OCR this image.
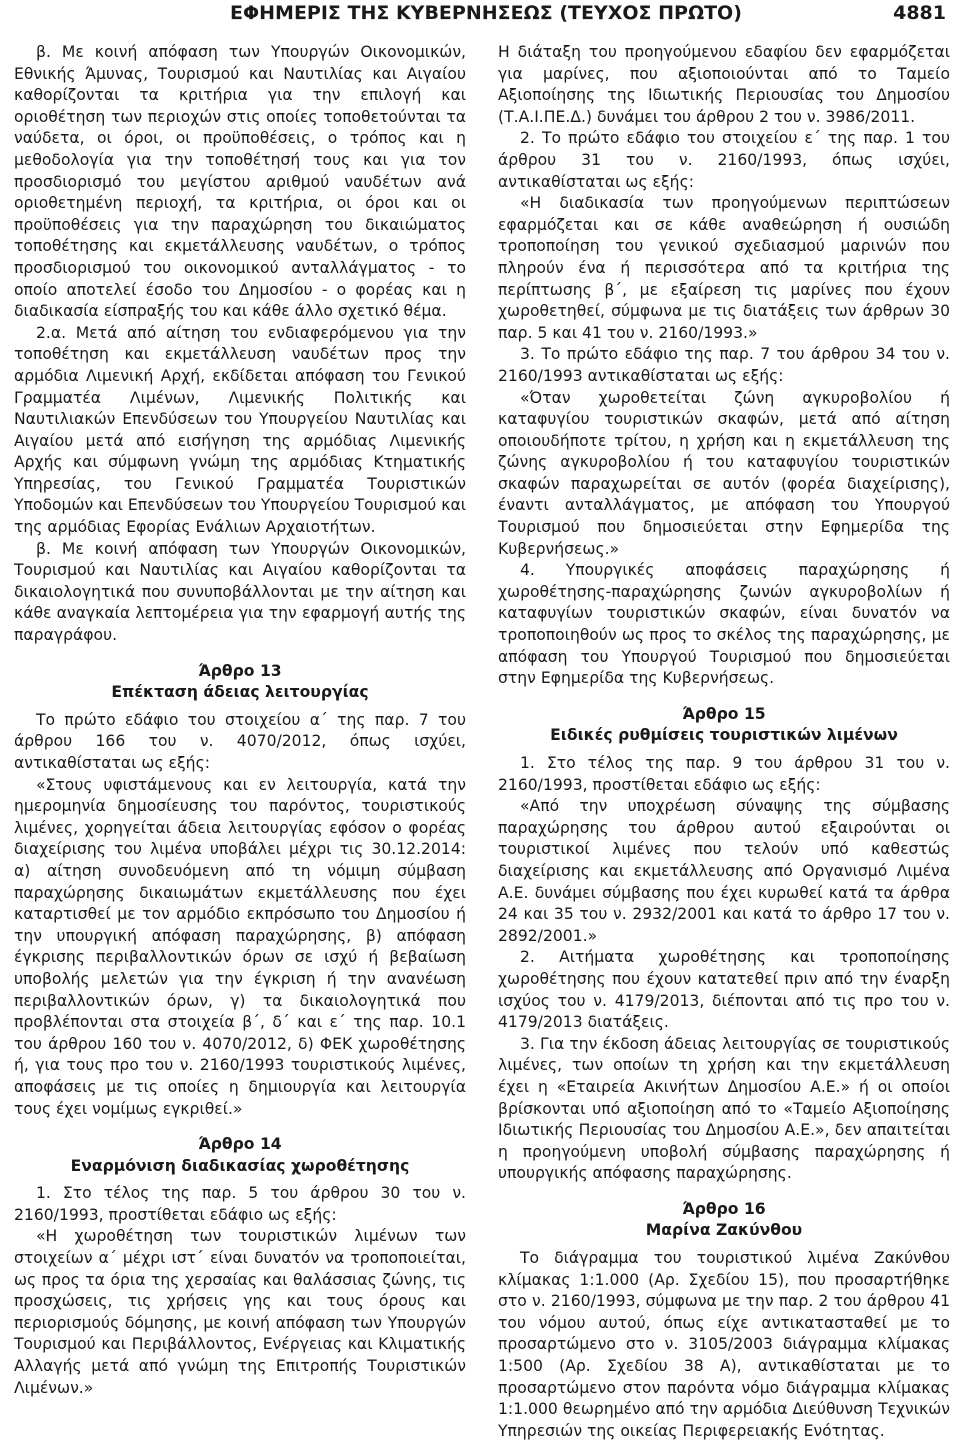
ΕΦΗΜΕΡΙΣ ΤΗΣ ΚΥΒΕΡΝΗΣΕΩΣ (ΤΕΥΧΟΣ ΠΡΩΤΟ)	4881

β. Με κοινή απόφαση των Υπουργών Οικονομικών, Εθνικής Άμυνας, Τουρισμού και Ναυτιλίας και Αιγαίου καθορίζονται τα κριτήρια για την επιλογή και οριοθέτηση των περιοχών στις οποίες τοποθετούνται τα ναύδετα, οι όροι, οι προϋποθέσεις, ο τρόπος και η μεθοδολογία για την τοποθέτησή τους και για τον προσδιορισμό του μεγίστου αριθμού ναυδέτων ανά οριοθετημένη περιοχή, τα κριτήρια, οι όροι και οι προϋποθέσεις για την παραχώρηση του δικαιώματος τοποθέτησης και εκμετάλλευσης ναυδέτων, ο τρόπος προσδιορισμού του οικονομικού ανταλλάγματος - το οποίο αποτελεί έσοδο του Δημοσίου - ο φορέας και η διαδικασία είσπραξής του και κάθε άλλο σχετικό θέμα.

2.α. Μετά από αίτηση του ενδιαφερόμενου για την τοποθέτηση και εκμετάλλευση ναυδέτων προς την αρμόδια Λιμενική Αρχή, εκδίδεται απόφαση του Γενικού Γραμματέα Λιμένων, Λιμενικής Πολιτικής και Ναυτιλιακών Επενδύσεων του Υπουργείου Ναυτιλίας και Αιγαίου μετά από εισήγηση της αρμόδιας Λιμενικής Αρχής και σύμφωνη γνώμη της αρμόδιας Κτηματικής Υπηρεσίας, του Γενικού Γραμματέα Τουριστικών Υποδομών και Επενδύσεων του Υπουργείου Τουρισμού και της αρμόδιας Εφορίας Ενάλιων Αρχαιοτήτων.

β. Με κοινή απόφαση των Υπουργών Οικονομικών, Τουρισμού και Ναυτιλίας και Αιγαίου καθορίζονται τα δικαιολογητικά που συνυποβάλλονται με την αίτηση και κάθε αναγκαία λεπτομέρεια για την εφαρμογή αυτής της παραγράφου.

Άρθρο 13
Επέκταση άδειας λειτουργίας

Το πρώτο εδάφιο του στοιχείου α΄ της παρ. 7 του άρθρου 166 του ν. 4070/2012, όπως ισχύει, αντικαθίσταται ως εξής:

«Στους υφιστάμενους και εν λειτουργία, κατά την ημερομηνία δημοσίευσης του παρόντος, τουριστικούς λιμένες, χορηγείται άδεια λειτουργίας εφόσον ο φορέας διαχείρισης του λιμένα υποβάλει μέχρι τις 30.12.2014: α) αίτηση συνοδευόμενη από τη νόμιμη σύμβαση παραχώρησης δικαιωμάτων εκμετάλλευσης που έχει καταρτισθεί με τον αρμόδιο εκπρόσωπο του Δημοσίου ή την υπουργική απόφαση παραχώρησης, β) απόφαση έγκρισης περιβαλλοντικών όρων σε ισχύ ή βεβαίωση υποβολής μελετών για την έγκριση ή την ανανέωση περιβαλλοντικών όρων, γ) τα δικαιολογητικά που προβλέπονται στα στοιχεία β΄, δ΄ και ε΄ της παρ. 10.1 του άρθρου 160 του ν. 4070/2012, δ) ΦΕΚ χωροθέτησης ή, για τους προ του ν. 2160/1993 τουριστικούς λιμένες, αποφάσεις με τις οποίες η δημιουργία και λειτουργία τους έχει νομίμως εγκριθεί.»

Άρθρο 14
Εναρμόνιση διαδικασίας χωροθέτησης

1. Στο τέλος της παρ. 5 του άρθρου 30 του ν. 2160/1993, προστίθεται εδάφιο ως εξής:

«Η χωροθέτηση των τουριστικών λιμένων των στοιχείων α΄ μέχρι ιστ΄ είναι δυνατόν να τροποποιείται, ως προς τα όρια της χερσαίας και θαλάσσιας ζώνης, τις προσχώσεις, τις χρήσεις γης και τους όρους και περιορισμούς δόμησης, με κοινή απόφαση των Υπουργών Τουρισμού και Περιβάλλοντος, Ενέργειας και Κλιματικής Αλλαγής μετά από γνώμη της Επιτροπής Τουριστικών Λιμένων.»

Η διάταξη του προηγούμενου εδαφίου δεν εφαρμόζεται για μαρίνες, που αξιοποιούνται από το Ταμείο Αξιοποίησης της Ιδιωτικής Περιουσίας του Δημοσίου (Τ.Α.Ι.ΠΕ.Δ.) δυνάμει του άρθρου 2 του ν. 3986/2011.

2. Το πρώτο εδάφιο του στοιχείου ε΄ της παρ. 1 του άρθρου 31 του ν. 2160/1993, όπως ισχύει, αντικαθίσταται ως εξής:

«Η διαδικασία των προηγούμενων περιπτώσεων εφαρμόζεται και σε κάθε αναθεώρηση ή ουσιώδη τροποποίηση του γενικού σχεδιασμού μαρινών που πληρούν ένα ή περισσότερα από τα κριτήρια της περίπτωσης β΄, με εξαίρεση τις μαρίνες που έχουν χωροθετηθεί, σύμφωνα με τις διατάξεις των άρθρων 30 παρ. 5 και 41 του ν. 2160/1993.»

3. Το πρώτο εδάφιο της παρ. 7 του άρθρου 34 του ν. 2160/1993 αντικαθίσταται ως εξής:

«Όταν χωροθετείται ζώνη αγκυροβολίου ή καταφυγίου τουριστικών σκαφών, μετά από αίτηση οποιουδήποτε τρίτου, η χρήση και η εκμετάλλευση της ζώνης αγκυροβολίου ή του καταφυγίου τουριστικών σκαφών παραχωρείται σε αυτόν (φορέα διαχείρισης), έναντι ανταλλάγματος, με απόφαση του Υπουργού Τουρισμού που δημοσιεύεται στην Εφημερίδα της Κυβερνήσεως.»

4. Υπουργικές αποφάσεις παραχώρησης ή χωροθέτησης-παραχώρησης ζωνών αγκυροβολίων ή καταφυγίων τουριστικών σκαφών, είναι δυνατόν να τροποποιηθούν ως προς το σκέλος της παραχώρησης, με απόφαση του Υπουργού Τουρισμού που δημοσιεύεται στην Εφημερίδα της Κυβερνήσεως.

Άρθρο 15
Ειδικές ρυθμίσεις τουριστικών λιμένων

1. Στο τέλος της παρ. 9 του άρθρου 31 του ν. 2160/1993, προστίθεται εδάφιο ως εξής:

«Από την υποχρέωση σύναψης της σύμβασης παραχώρησης του άρθρου αυτού εξαιρούνται οι τουριστικοί λιμένες που τελούν υπό καθεστώς διαχείρισης και εκμετάλλευσης από Οργανισμό Λιμένα Α.Ε. δυνάμει σύμβασης που έχει κυρωθεί κατά τα άρθρα 24 και 35 του ν. 2932/2001 και κατά το άρθρο 17 του ν. 2892/2001.»

2. Αιτήματα χωροθέτησης και τροποποίησης χωροθέτησης που έχουν κατατεθεί πριν από την έναρξη ισχύος του ν. 4179/2013, διέπονται από τις προ του ν. 4179/2013 διατάξεις.

3. Για την έκδοση άδειας λειτουργίας σε τουριστικούς λιμένες, των οποίων τη χρήση και την εκμετάλλευση έχει η «Εταιρεία Ακινήτων Δημοσίου Α.Ε.» ή οι οποίοι βρίσκονται υπό αξιοποίηση από το «Ταμείο Αξιοποίησης Ιδιωτικής Περιουσίας του Δημοσίου Α.Ε.», δεν απαιτείται η προηγούμενη υποβολή σύμβασης παραχώρησης ή υπουργικής απόφασης παραχώρησης.

Άρθρο 16
Μαρίνα Ζακύνθου

Το διάγραμμα του τουριστικού λιμένα Ζακύνθου κλίμακας 1:1.000 (Αρ. Σχεδίου 15), που προσαρτήθηκε στο ν. 2160/1993, σύμφωνα με την παρ. 2 του άρθρου 41 του νόμου αυτού, όπως είχε αντικατασταθεί με το προσαρτώμενο στο ν. 3105/2003 διάγραμμα κλίμακας 1:500 (Αρ. Σχεδίου 38 Α), αντικαθίσταται με το προσαρτώμενο στον παρόντα νόμο διάγραμμα κλίμακας 1:1.000 θεωρημένο από την αρμόδια Διεύθυνση Τεχνικών Υπηρεσιών της οικείας Περιφερειακής Ενότητας.
